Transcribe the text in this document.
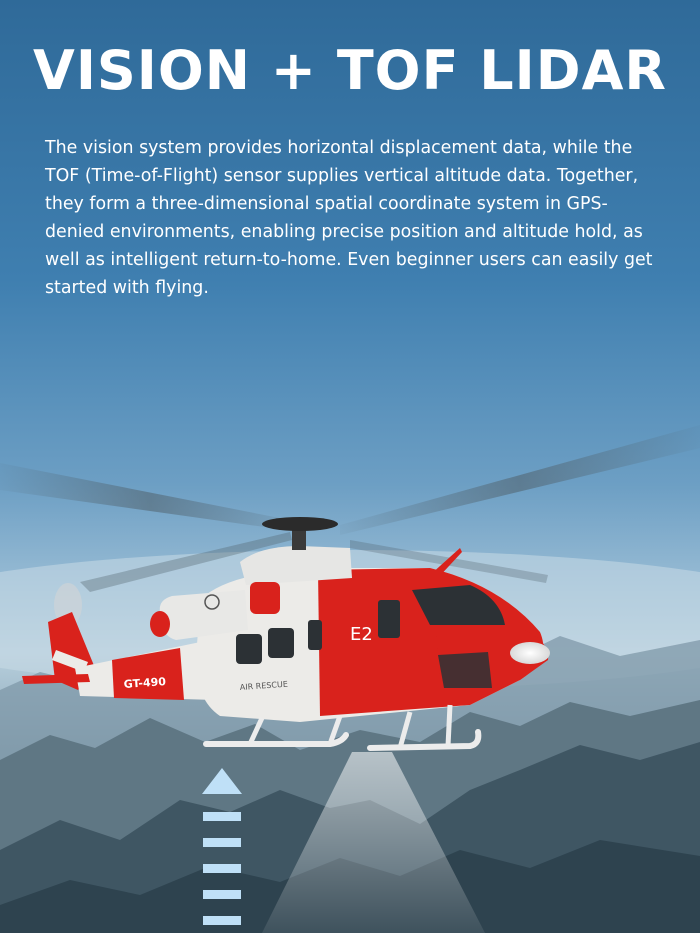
GT-490
E2
AIR RESCUE
VISION + TOF LIDAR

The vision system provides horizontal displacement data, while the TOF (Time-of-Flight) sensor supplies vertical altitude data. Together, they form a three-dimensional spatial coordinate system in GPS-denied environments, enabling precise position and altitude hold, as well as intelligent return-to-home. Even beginner users can easily get started with flying.
